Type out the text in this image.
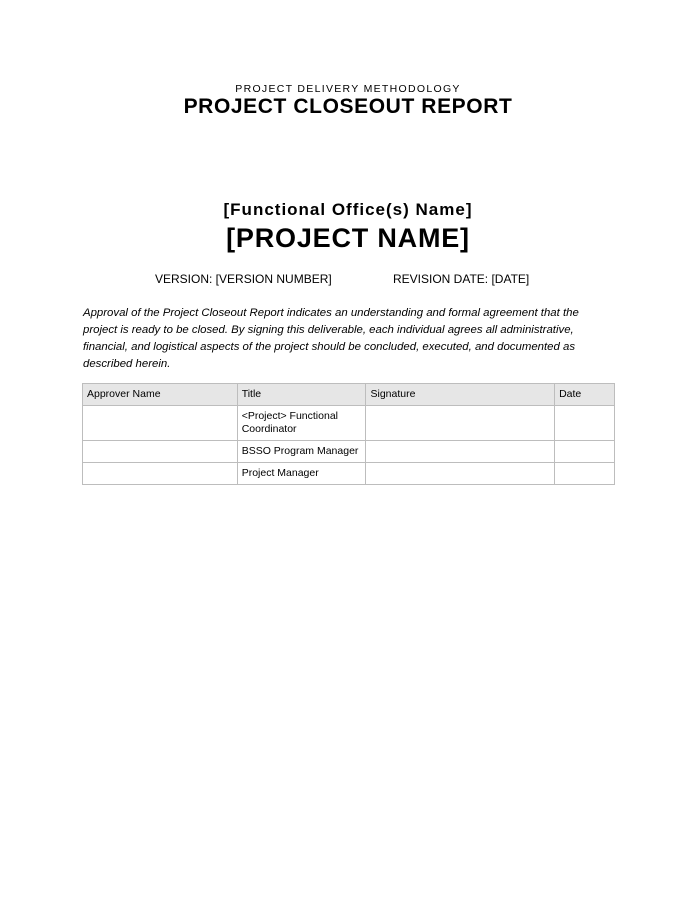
PROJECT DELIVERY METHODOLOGY
PROJECT CLOSEOUT REPORT
[Functional Office(s) Name]
[PROJECT NAME]
VERSION: [VERSION NUMBER]	REVISION DATE: [DATE]
Approval of the Project Closeout Report indicates an understanding and formal agreement that the project is ready to be closed. By signing this deliverable, each individual agrees all administrative, financial, and logistical aspects of the project should be concluded, executed, and documented as described herein.
Approver Name	Title	Signature	Date
	<Project> Functional Coordinator		
	BSSO Program Manager		
	Project Manager		
